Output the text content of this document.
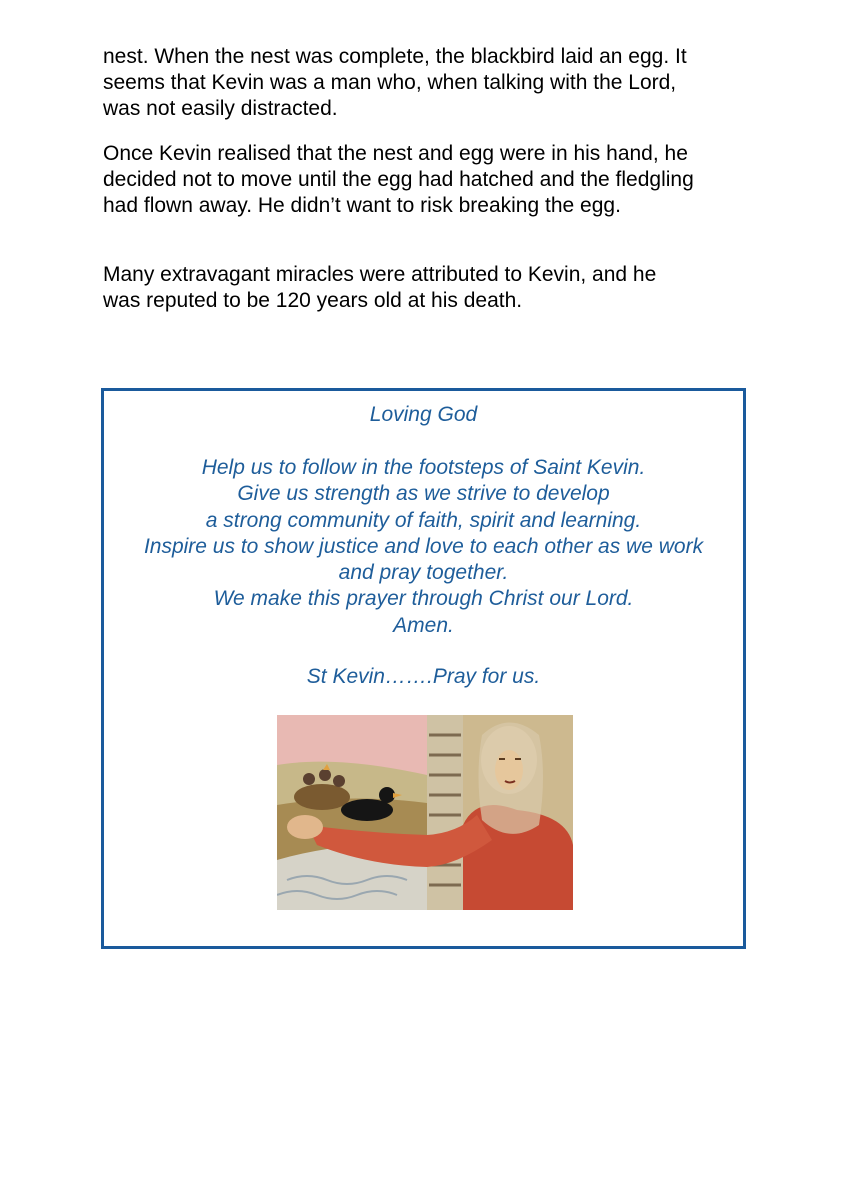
nest. When the nest was complete, the blackbird laid an egg. It
seems that Kevin was a man who, when talking with the Lord,
was not easily distracted.

Once Kevin realised that the nest and egg were in his hand, he
decided not to move until the egg had hatched and the fledgling
had flown away. He didn’t want to risk breaking the egg.

Many extravagant miracles were attributed to Kevin, and he
was reputed to be 120 years old at his death.

Loving God

Help us to follow in the footsteps of Saint Kevin.
Give us strength as we strive to develop
a strong community of faith, spirit and learning.
Inspire us to show justice and love to each other as we work
and pray together.
We make this prayer through Christ our Lord.
Amen.

St Kevin…….Pray for us.
